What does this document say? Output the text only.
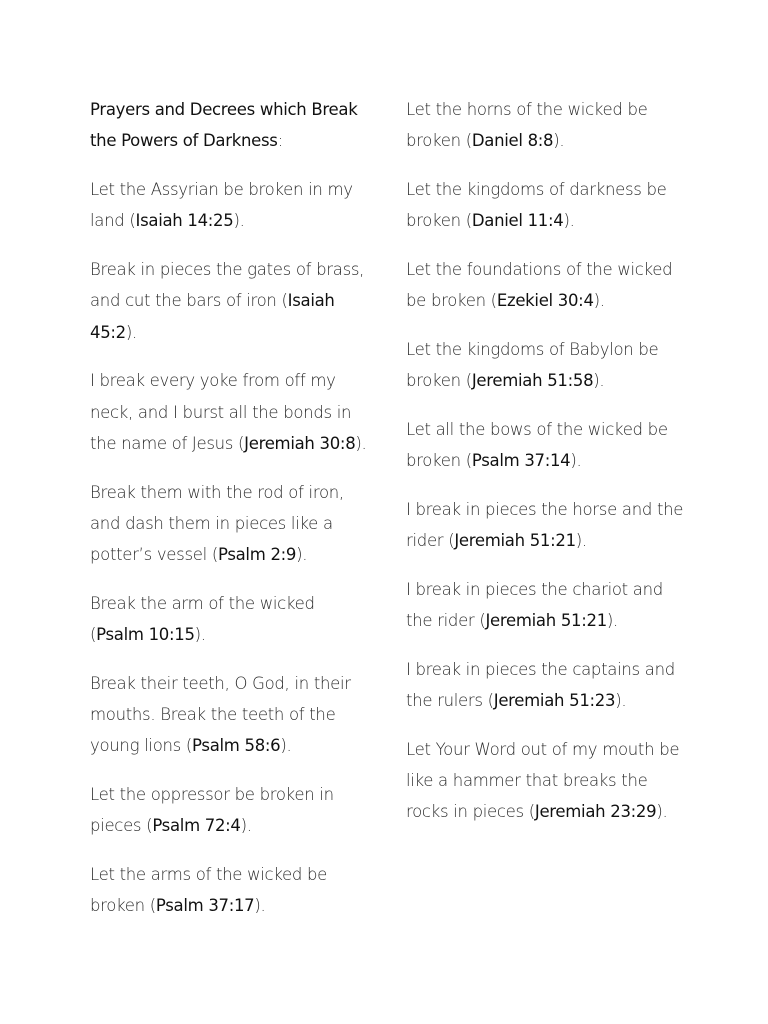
Prayers and Decrees which Break the Powers of Darkness:

Let the Assyrian be broken in my land (Isaiah 14:25).

Break in pieces the gates of brass, and cut the bars of iron (Isaiah 45:2).

I break every yoke from off my neck, and I burst all the bonds in the name of Jesus (Jeremiah 30:8).

Break them with the rod of iron, and dash them in pieces like a potter’s vessel (Psalm 2:9).

Break the arm of the wicked (Psalm 10:15).

Break their teeth, O God, in their mouths. Break the teeth of the young lions (Psalm 58:6).

Let the oppressor be broken in pieces (Psalm 72:4).

Let the arms of the wicked be broken (Psalm 37:17).

Let the horns of the wicked be broken (Daniel 8:8).

Let the kingdoms of darkness be broken (Daniel 11:4).

Let the foundations of the wicked be broken (Ezekiel 30:4).

Let the kingdoms of Babylon be broken (Jeremiah 51:58).

Let all the bows of the wicked be broken (Psalm 37:14).

I break in pieces the horse and the rider (Jeremiah 51:21).

I break in pieces the chariot and the rider (Jeremiah 51:21).

I break in pieces the captains and the rulers (Jeremiah 51:23).

Let Your Word out of my mouth be like a hammer that breaks the rocks in pieces (Jeremiah 23:29).
